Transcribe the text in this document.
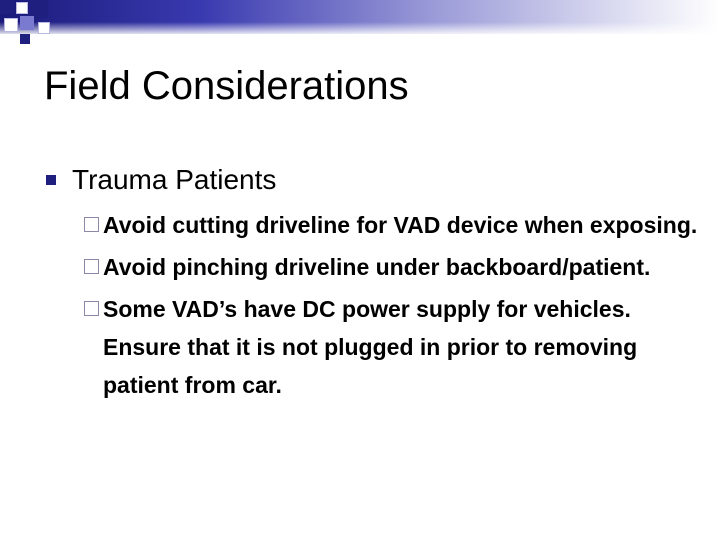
Field Considerations
Trauma Patients
Avoid cutting driveline for VAD device when exposing.
Avoid pinching driveline under backboard/patient.
Some VAD’s have DC power supply for vehicles. Ensure that it is not plugged in prior to removing patient from car.
